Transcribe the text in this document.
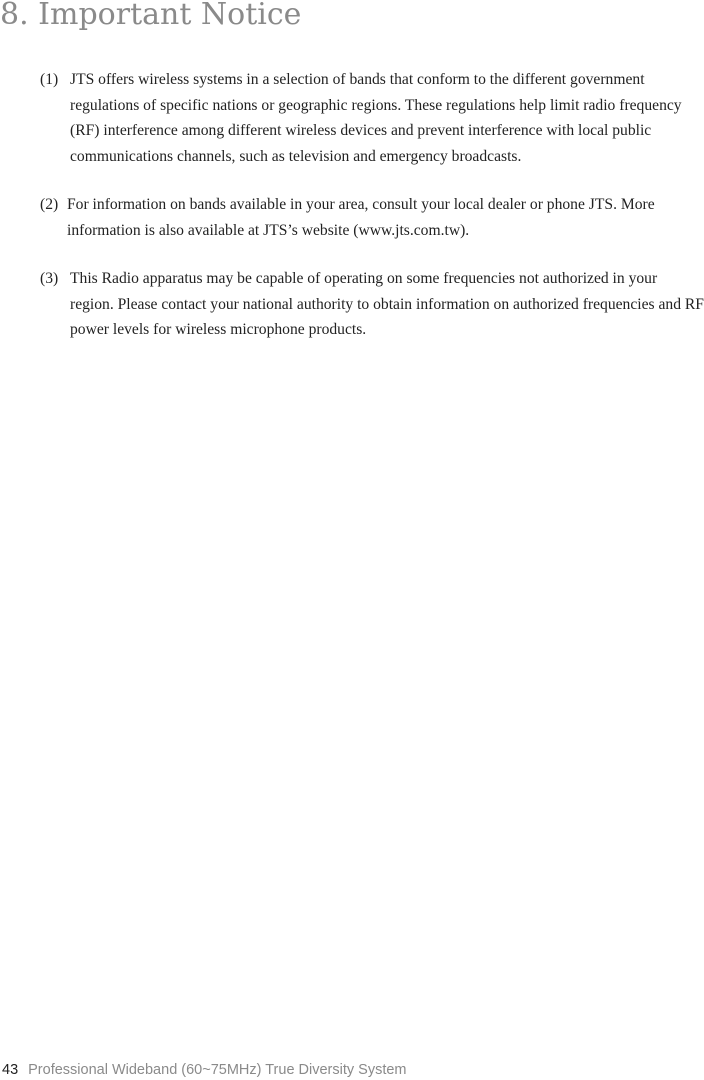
8. Important Notice
(1) JTS offers wireless systems in a selection of bands that conform to the different government regulations of specific nations or geographic regions. These regulations help limit radio frequency (RF) interference among different wireless devices and prevent interference with local public communications channels, such as television and emergency broadcasts.

(2) For information on bands available in your area, consult your local dealer or phone JTS. More information is also available at JTS’s website (www.jts.com.tw).

(3) This Radio apparatus may be capable of operating on some frequencies not authorized in your region. Please contact your national authority to obtain information on authorized frequencies and RF power levels for wireless microphone products.

43 Professional Wideband (60~75MHz) True Diversity System
